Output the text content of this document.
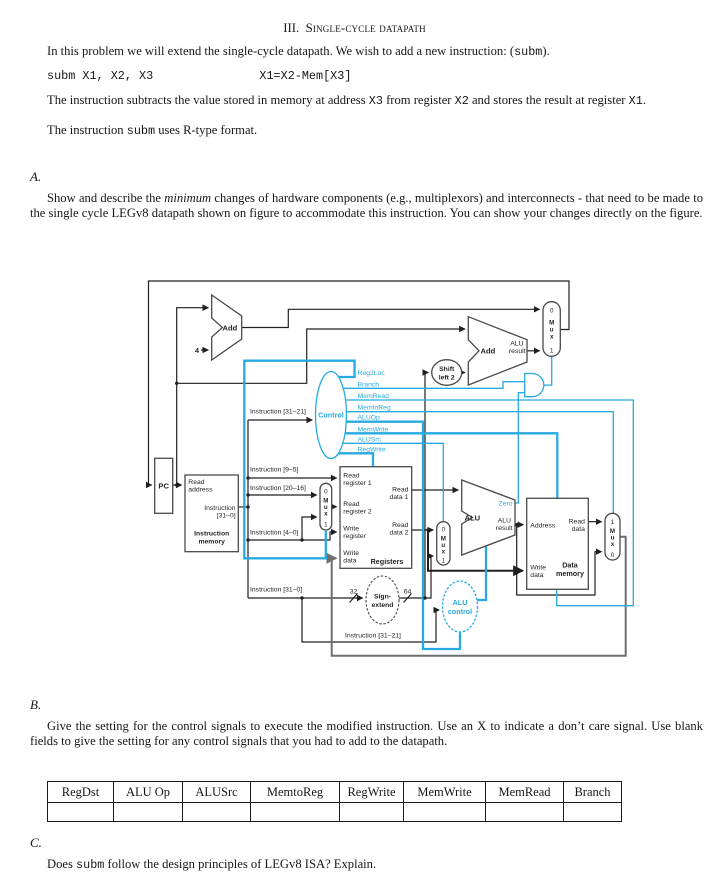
III. Single-cycle datapath
In this problem we will extend the single-cycle datapath. We wish to add a new instruction: (subm).
subm X1, X2, X3               X1=X2-Mem[X3]
The instruction subtracts the value stored in memory at address X3 from register X2 and stores the result at register X1.
The instruction subm uses R-type format.
A.
Show and describe the minimum changes of hardware components (e.g., multiplexors) and interconnects - that need to be made to the single cycle LEGv8 datapath shown on figure to accommodate this instruction. You can show your changes directly on the figure.
PC
Add
4	Add
ALU
result
0
M
u
x
1
Shift
left 2
Control
Reg2Loc
Branch
MemRead
MemtoReg
ALUOp
MemWrite
ALUSrc
RegWrite
Read
address
Instruction
[31–0]
Instruction
memory
0
M
u
x
1
Read
register 1
Read
data 1
Read
register 2
Read
data 2
Write
register
Write
data Registers
0
M
u
x
1
ALU
Zero
ALU
result	Address
Read
data
Write
data
Data
memory
1
M
u
x
0
Sign-
extend
32	64
ALU
control
Instruction [31–21]
Instruction [9–5]
Instruction [20–16]
Instruction [4–0]
Instruction [31–0]
Instruction [31–21]
B.
Give the setting for the control signals to execute the modified instruction. Use an X to indicate a don’t care signal. Use blank fields to give the setting for any control signals that you had to add to the datapath.
RegDst	ALU Op	ALUSrc	MemtoReg	RegWrite	MemWrite	MemRead	Branch
C.
Does subm follow the design principles of LEGv8 ISA? Explain.
